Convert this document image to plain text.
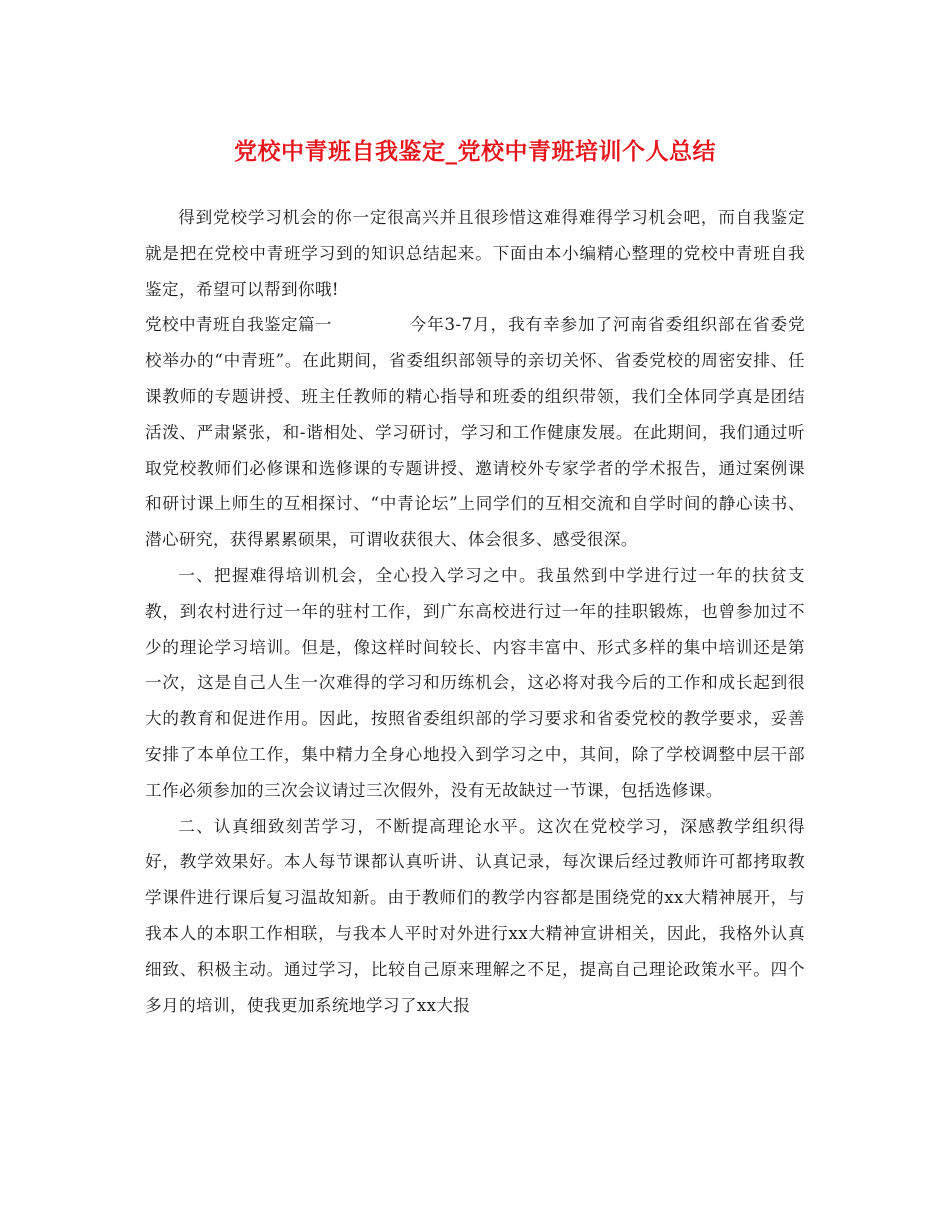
党校中青班自我鉴定_党校中青班培训个人总结

得到党校学习机会的你一定很高兴并且很珍惜这难得难得学习机会吧，而自我鉴定就是把在党校中青班学习到的知识总结起来。下面由本小编精心整理的党校中青班自我鉴定，希望可以帮到你哦!

党校中青班自我鉴定篇一	今年3-7月，我有幸参加了河南省委组织部在省委党校举办的“中青班”。在此期间，省委组织部领导的亲切关怀、省委党校的周密安排、任课教师的专题讲授、班主任教师的精心指导和班委的组织带领，我们全体同学真是团结活泼、严肃紧张，和-谐相处、学习研讨，学习和工作健康发展。在此期间，我们通过听取党校教师们必修课和选修课的专题讲授、邀请校外专家学者的学术报告，通过案例课和研讨课上师生的互相探讨、“中青论坛”上同学们的互相交流和自学时间的静心读书、潜心研究，获得累累硕果，可谓收获很大、体会很多、感受很深。

一、把握难得培训机会，全心投入学习之中。我虽然到中学进行过一年的扶贫支教，到农村进行过一年的驻村工作，到广东高校进行过一年的挂职锻炼，也曾参加过不少的理论学习培训。但是，像这样时间较长、内容丰富中、形式多样的集中培训还是第一次，这是自己人生一次难得的学习和历练机会，这必将对我今后的工作和成长起到很大的教育和促进作用。因此，按照省委组织部的学习要求和省委党校的教学要求，妥善安排了本单位工作，集中精力全身心地投入到学习之中，其间，除了学校调整中层干部工作必须参加的三次会议请过三次假外，没有无故缺过一节课，包括选修课。

二、认真细致刻苦学习，不断提高理论水平。这次在党校学习，深感教学组织得好，教学效果好。本人每节课都认真听讲、认真记录，每次课后经过教师许可都拷取教学课件进行课后复习温故知新。由于教师们的教学内容都是围绕党的xx大精神展开，与我本人的本职工作相联，与我本人平时对外进行xx大精神宣讲相关，因此，我格外认真细致、积极主动。通过学习，比较自己原来理解之不足，提高自己理论政策水平。四个多月的培训，使我更加系统地学习了xx大报
